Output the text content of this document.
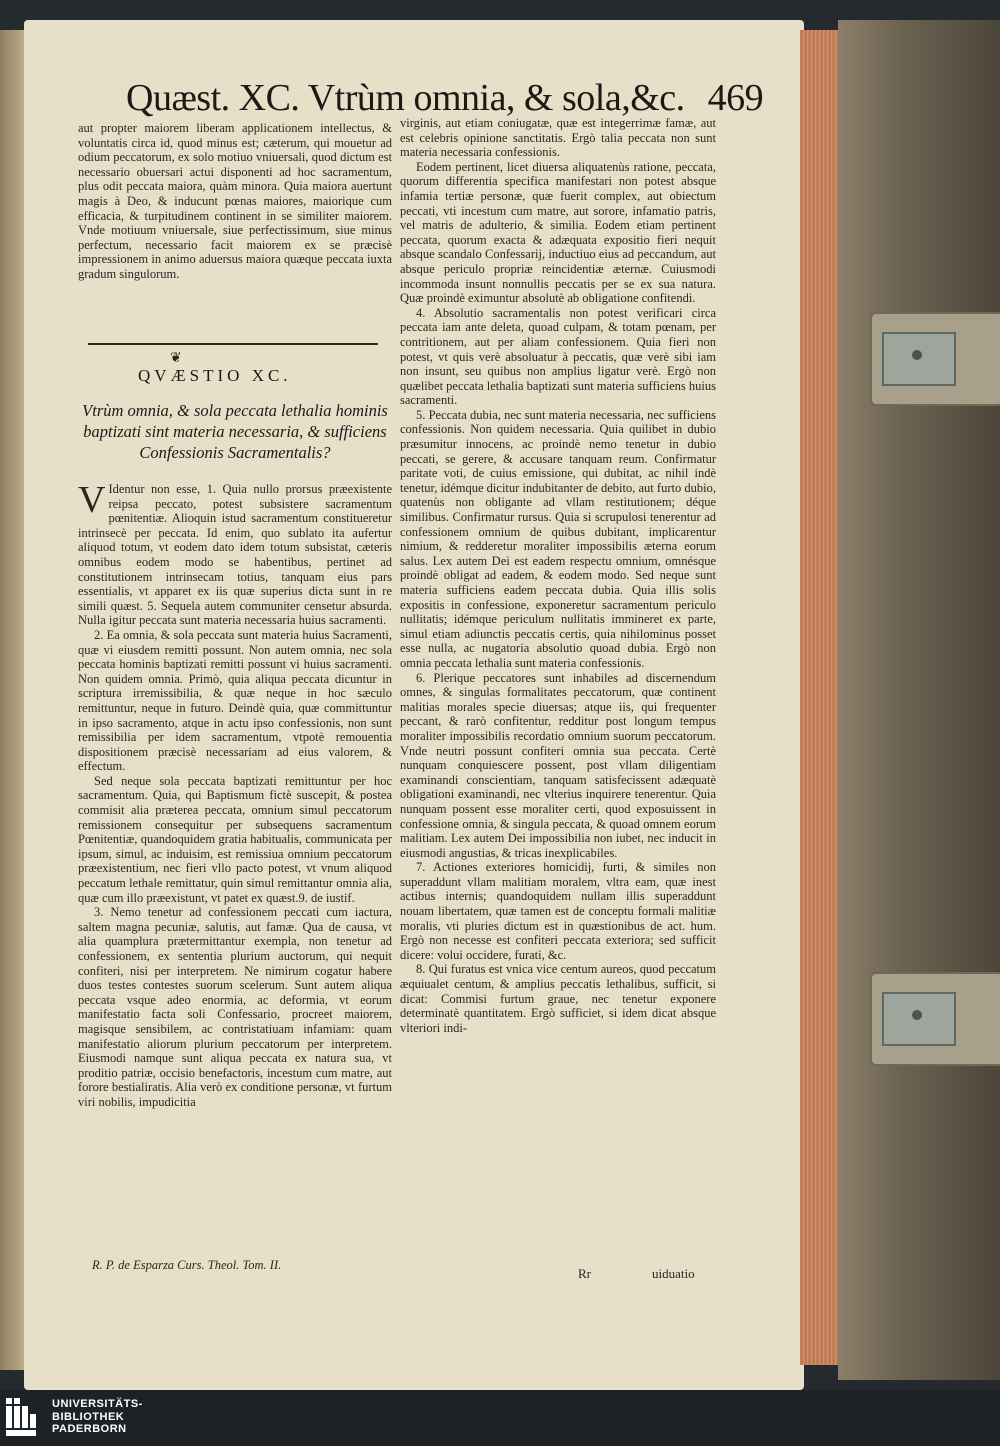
Quæst. XC. Vtrùm omnia, & sola,&c. 469

aut propter maiorem liberam applicationem intellectus, & voluntatis circa id, quod minus est; cæterum, qui mouetur ad odium peccatorum, ex solo motiuo vniuersali, quod dictum est necessario obuersari actui disponenti ad hoc sacramentum, plus odit peccata maiora, quàm minora. Quia maiora auertunt magis à Deo, & inducunt pœnas maiores, maiorique cum efficacia, & turpitudinem continent in se similiter maiorem. Vnde motiuum vniuersale, siue perfectissimum, siue minus perfectum, necessario facit maiorem ex se præcisè impressionem in animo aduersus maiora quæque peccata iuxta gradum singulorum.

❦
QVÆSTIO XC.
Vtrùm omnia, & sola peccata lethalia hominis baptizati sint materia necessaria, & sufficiens Confessionis Sacramentalis?

V Identur non esse, 1. Quia nullo prorsus præexistente reipsa peccato, potest subsistere sacramentum pœnitentiæ. Alioquin istud sacramentum constitueretur intrinsecè per peccata. Id enim, quo sublato ita aufertur aliquod totum, vt eodem dato idem totum subsistat, cæteris omnibus eodem modo se habentibus, pertinet ad constitutionem intrinsecam totius, tanquam eius pars essentialis, vt apparet ex iis quæ superius dicta sunt in re simili quæst. 5. Sequela autem communiter censetur absurda. Nulla igitur peccata sunt materia necessaria huius sacramenti.

2. Ea omnia, & sola peccata sunt materia huius Sacramenti, quæ vi eiusdem remitti possunt. Non autem omnia, nec sola peccata hominis baptizati remitti possunt vi huius sacramenti. Non quidem omnia. Primò, quia aliqua peccata dicuntur in scriptura irremissibilia, & quæ neque in hoc sæculo remittuntur, neque in futuro. Deindè quia, quæ committuntur in ipso sacramento, atque in actu ipso confessionis, non sunt remissibilia per idem sacramentum, vtpotè remouentia dispositionem præcisè necessariam ad eius valorem, & effectum.

Sed neque sola peccata baptizati remittuntur per hoc sacramentum. Quia, qui Baptismum fictè suscepit, & postea commisit alia præterea peccata, omnium simul peccatorum remissionem consequitur per subsequens sacramentum Pœnitentiæ, quandoquidem gratia habitualis, communicata per ipsum, simul, ac induisim, est remissiua omnium peccatorum præexistentium, nec fieri vllo pacto potest, vt vnum aliquod peccatum lethale remittatur, quin simul remittantur omnia alia, quæ cum illo præexistunt, vt patet ex quæst.9. de iustif.

3. Nemo tenetur ad confessionem peccati cum iactura, saltem magna pecuniæ, salutis, aut famæ. Qua de causa, vt alia quamplura prætermittantur exempla, non tenetur ad confessionem, ex sententia plurium auctorum, qui nequit confiteri, nisi per interpretem. Ne nimirum cogatur habere duos testes contestes suorum scelerum. Sunt autem aliqua peccata vsque adeo enormia, ac deformia, vt eorum manifestatio facta soli Confessario, procreet maiorem, magisque sensibilem, ac contristatiuam infamiam: quam manifestatio aliorum plurium peccatorum per interpretem. Eiusmodi namque sunt aliqua peccata ex natura sua, vt proditio patriæ, occisio benefactoris, incestum cum matre, aut forore bestialiratis. Alia verò ex conditione personæ, vt furtum viri nobilis, impudicitia

virginis, aut etiam coniugatæ, quæ est integerrimæ famæ, aut est celebris opinione sanctitatis. Ergò talia peccata non sunt materia necessaria confessionis.

Eodem pertinent, licet diuersa aliquatenùs ratione, peccata, quorum differentia specifica manifestari non potest absque infamia tertiæ personæ, quæ fuerit complex, aut obiectum peccati, vti incestum cum matre, aut sorore, infamatio patris, vel matris de adulterio, & similia. Eodem etiam pertinent peccata, quorum exacta & adæquata expositio fieri nequit absque scandalo Confessarij, inductiuo eius ad peccandum, aut absque periculo propriæ reincidentiæ æternæ. Cuiusmodi incommoda insunt nonnullis peccatis per se ex sua natura. Quæ proindè eximuntur absolutè ab obligatione confitendi.

4. Absolutio sacramentalis non potest verificari circa peccata iam ante deleta, quoad culpam, & totam pœnam, per contritionem, aut per aliam confessionem. Quia fieri non potest, vt quis verè absoluatur à peccatis, quæ verè sibi iam non insunt, seu quibus non amplius ligatur verè. Ergò non quælibet peccata lethalia baptizati sunt materia sufficiens huius sacramenti.

5. Peccata dubia, nec sunt materia necessaria, nec sufficiens confessionis. Non quidem necessaria. Quia quilibet in dubio præsumitur innocens, ac proindè nemo tenetur in dubio peccati, se gerere, & accusare tanquam reum. Confirmatur paritate voti, de cuius emissione, qui dubitat, ac nihil indè tenetur, idémque dicitur indubitanter de debito, aut furto dubio, quatenùs non obligante ad vllam restitutionem; déque similibus. Confirmatur rursus. Quia si scrupulosi tenerentur ad confessionem omnium de quibus dubitant, implicarentur nimium, & redderetur moraliter impossibilis æterna eorum salus. Lex autem Dei est eadem respectu omnium, omnésque proindè obligat ad eadem, & eodem modo. Sed neque sunt materia sufficiens eadem peccata dubia. Quia illis solis expositis in confessione, exponeretur sacramentum periculo nullitatis; idémque periculum nullitatis immineret ex parte, simul etiam adiunctis peccatis certis, quia nihilominus posset esse nulla, ac nugatoria absolutio quoad dubia. Ergò non omnia peccata lethalia sunt materia confessionis.

6. Plerique peccatores sunt inhabiles ad discernendum omnes, & singulas formalitates peccatorum, quæ continent malitias morales specie diuersas; atque iis, qui frequenter peccant, & rarò confitentur, redditur post longum tempus moraliter impossibilis recordatio omnium suorum peccatorum. Vnde neutri possunt confiteri omnia sua peccata. Certè nunquam conquiescere possent, post vllam diligentiam examinandi conscientiam, tanquam satisfecissent adæquatè obligationi examinandi, nec vlterius inquirere tenerentur. Quia nunquam possent esse moraliter certi, quod exposuissent in confessione omnia, & singula peccata, & quoad omnem eorum malitiam. Lex autem Dei impossibilia non iubet, nec inducit in eiusmodi angustias, & tricas inexplicabiles.

7. Actiones exteriores homicidij, furti, & similes non superaddunt vllam malitiam moralem, vltra eam, quæ inest actibus internis; quandoquidem nullam illis superaddunt nouam libertatem, quæ tamen est de conceptu formali malitiæ moralis, vti pluries dictum est in quæstionibus de act. hum. Ergò non necesse est confiteri peccata exteriora; sed sufficit dicere: volui occidere, furati, &c.

8. Qui furatus est vnica vice centum aureos, quod peccatum æquiualet centum, & amplius peccatis lethalibus, sufficit, si dicat: Commisi furtum graue, nec tenetur exponere determinatè quantitatem. Ergò sufficiet, si idem dicat absque vlteriori indi-

R. P. de Esparza Curs. Theol. Tom. II.
Rr	uiduatio
UNIVERSITÄTS-
BIBLIOTHEK
PADERBORN
